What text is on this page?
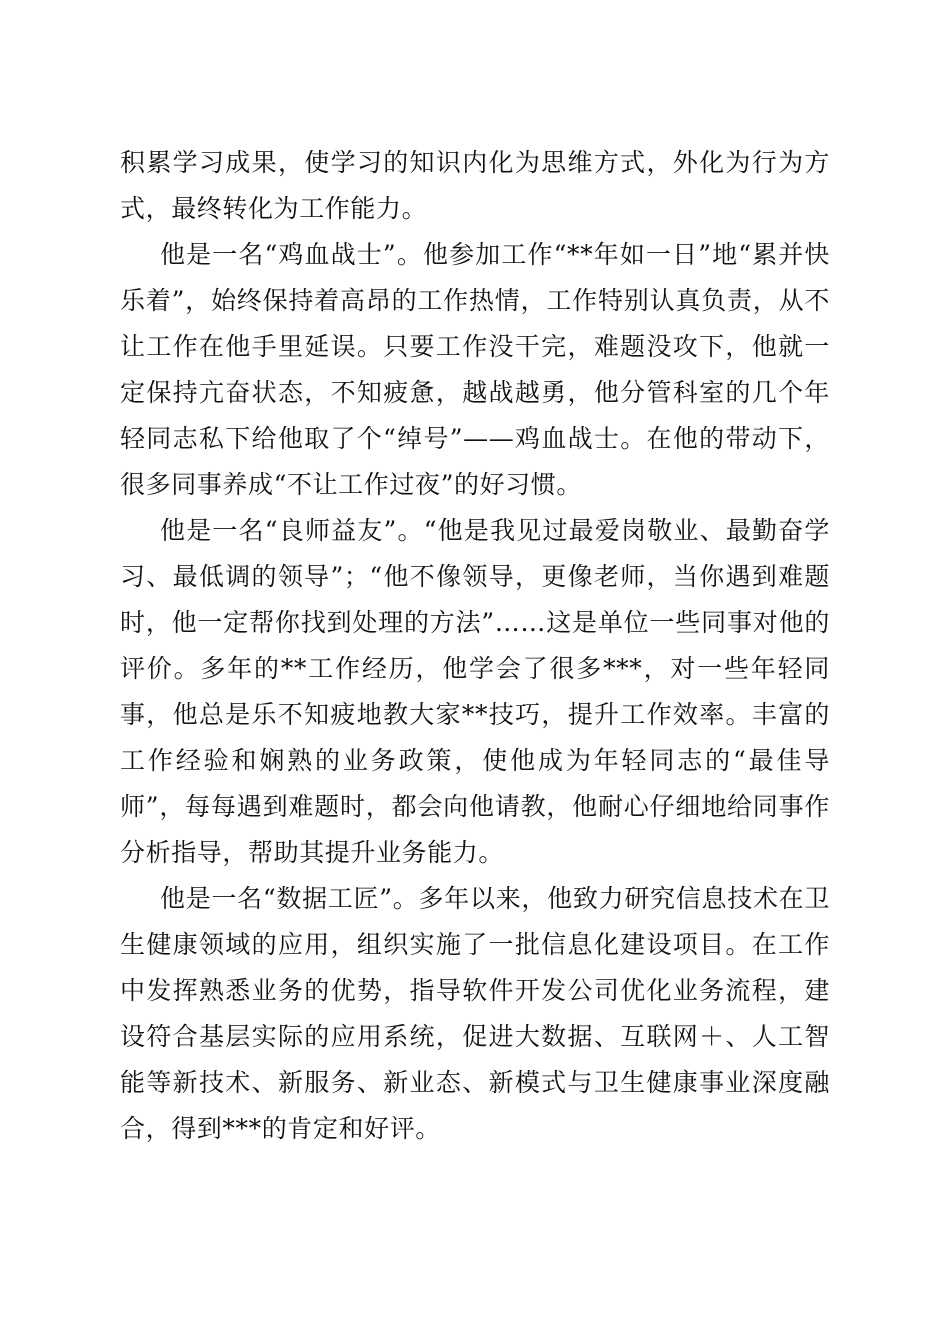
积累学习成果，使学习的知识内化为思维方式，外化为行为方式，最终转化为工作能力。

他是一名“鸡血战士”。他参加工作“**年如一日”地“累并快乐着”，始终保持着高昂的工作热情，工作特别认真负责，从不让工作在他手里延误。只要工作没干完，难题没攻下，他就一定保持亢奋状态，不知疲惫，越战越勇，他分管科室的几个年轻同志私下给他取了个“绰号”——鸡血战士。在他的带动下，很多同事养成“不让工作过夜”的好习惯。

他是一名“良师益友”。“他是我见过最爱岗敬业、最勤奋学习、最低调的领导”；“他不像领导，更像老师，当你遇到难题时，他一定帮你找到处理的方法”……这是单位一些同事对他的评价。多年的**工作经历，他学会了很多***，对一些年轻同事，他总是乐不知疲地教大家**技巧，提升工作效率。丰富的工作经验和娴熟的业务政策，使他成为年轻同志的“最佳导师”，每每遇到难题时，都会向他请教，他耐心仔细地给同事作分析指导，帮助其提升业务能力。

他是一名“数据工匠”。多年以来，他致力研究信息技术在卫生健康领域的应用，组织实施了一批信息化建设项目。在工作中发挥熟悉业务的优势，指导软件开发公司优化业务流程，建设符合基层实际的应用系统，促进大数据、互联网＋、人工智能等新技术、新服务、新业态、新模式与卫生健康事业深度融合，得到***的肯定和好评。
